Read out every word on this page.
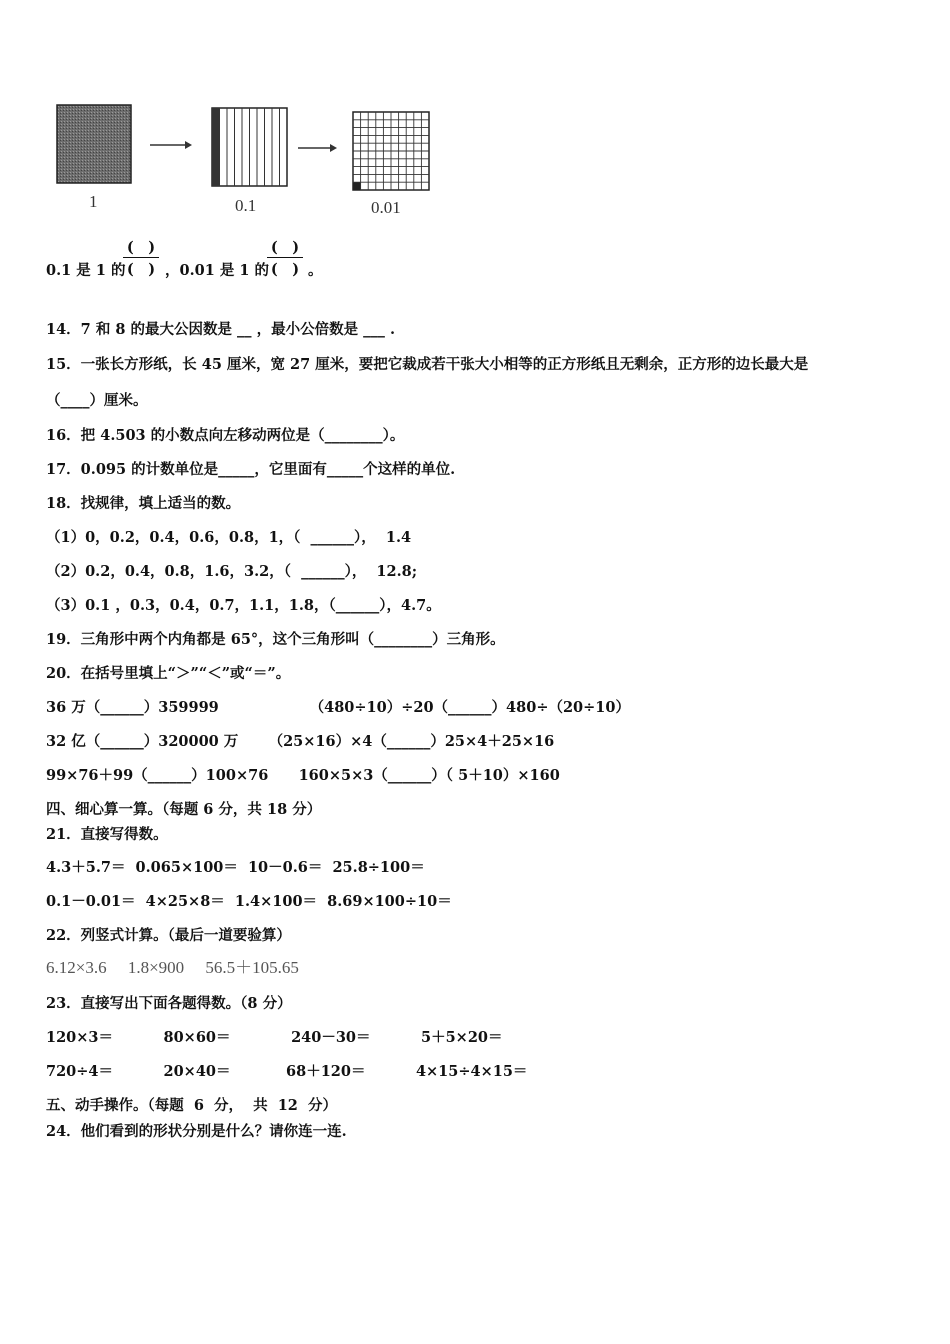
1	0.1	0.01
(　)
(　)
(　)
(　)
0.1 是 1 的	，0.01 是 1 的	。
14．7 和 8 的最大公因数是 __ ，最小公倍数是 ___ .
15．一张长方形纸，长 45 厘米，宽 27 厘米，要把它裁成若干张大小相等的正方形纸且无剩余，正方形的边长最大是
（____）厘米。
16．把 4.503 的小数点向左移动两位是（________）。
17．0.095 的计数单位是_____，它里面有_____个这样的单位.
18．找规律，填上适当的数。
（1）0，0.2，0.4，0.6，0.8，1，（  ______），  1.4
（2）0.2，0.4，0.8，1.6，3.2，（  ______），  12.8;
（3）0.1 ，0.3，0.4，0.7，1.1，1.8，（______），4.7。
19．三角形中两个内角都是 65°，这个三角形叫（________）三角形。
20．在括号里填上“＞”“＜”或“＝”。
36 万（______）359999                  （480÷10）÷20（______）480÷（20÷10）
32 亿（______）320000 万      （25×16）×4（______）25×4＋25×16
99×76＋99（______）100×76      160×5×3（______）（ 5＋10）×160
四、细心算一算。（每题 6 分，共 18 分）
21．直接写得数。
4.3＋5.7＝  0.065×100＝  10－0.6＝  25.8÷100＝
0.1－0.01＝  4×25×8＝  1.4×100＝  8.69×100÷10＝
22．列竖式计算。（最后一道要验算）
6.12×3.6     1.8×900     56.5＋105.65
23．直接写出下面各题得数。（8 分）
120×3＝          80×60＝            240－30＝          5＋5×20＝
720÷4＝          20×40＝           68＋120＝          4×15÷4×15＝
五、动手操作。（每题  6  分，  共  12  分）
24．他们看到的形状分别是什么？请你连一连.
